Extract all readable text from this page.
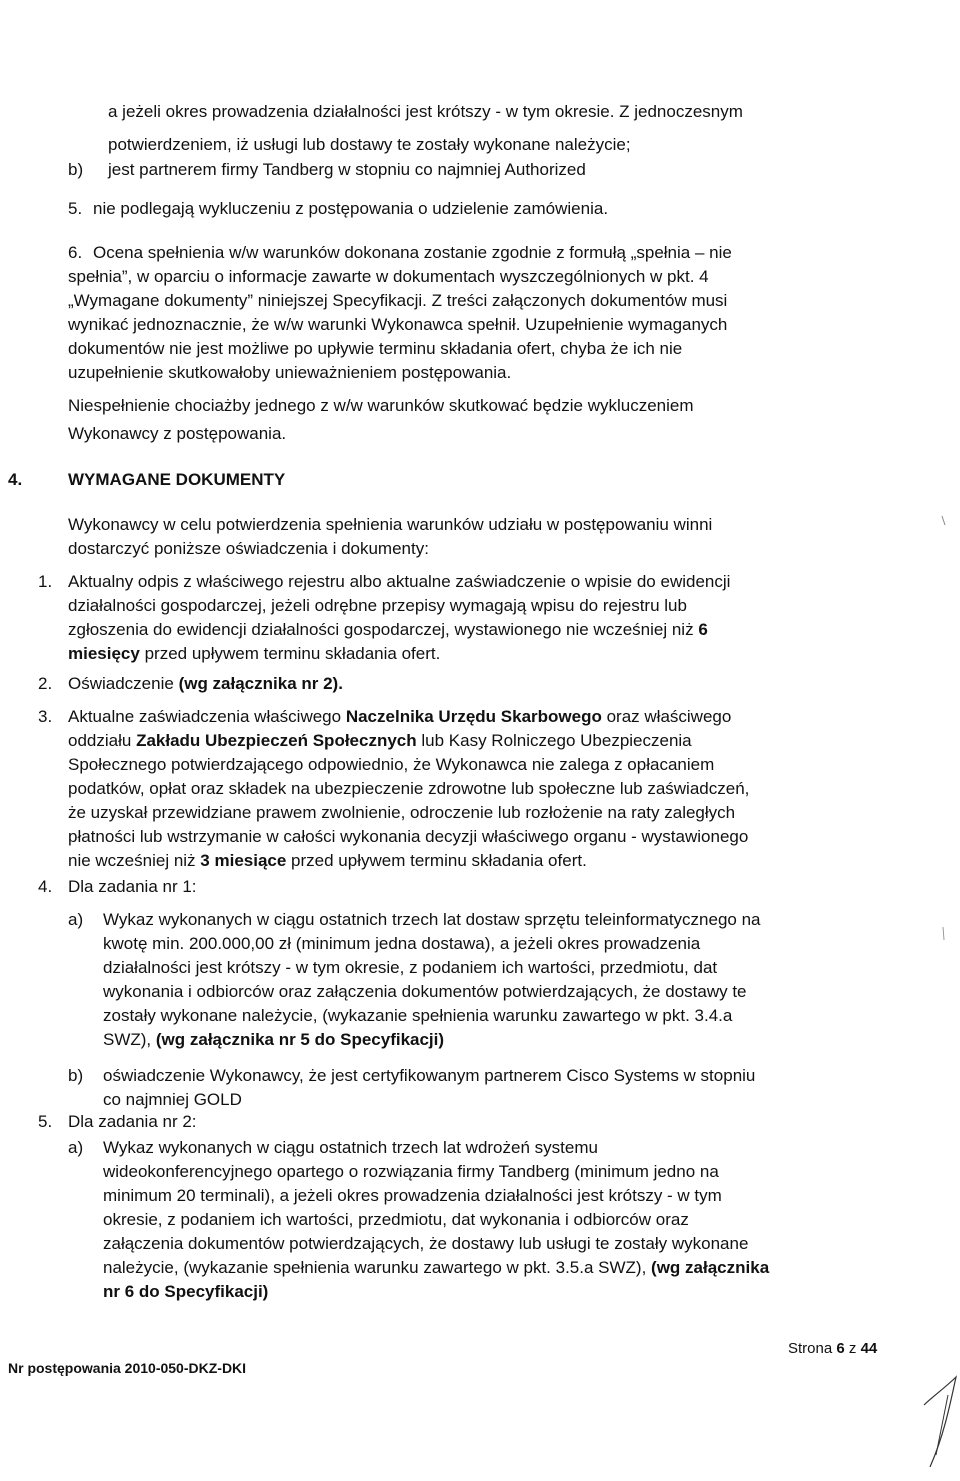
a jeżeli okres prowadzenia działalności jest krótszy - w tym okresie. Z jednoczesnym
potwierdzeniem, iż usługi lub dostawy te zostały wykonane należycie;
b) jest partnerem firmy Tandberg w stopniu co najmniej Authorized
5. nie podlegają wykluczeniu z postępowania o udzielenie zamówienia.
6. Ocena spełnienia w/w warunków dokonana zostanie zgodnie z formułą „spełnia – nie
spełnia”, w oparciu o informacje zawarte w dokumentach wyszczególnionych w pkt. 4
„Wymagane dokumenty” niniejszej Specyfikacji. Z treści załączonych dokumentów musi
wynikać jednoznacznie, że w/w warunki Wykonawca spełnił. Uzupełnienie wymaganych
dokumentów nie jest możliwe po upływie terminu składania ofert, chyba że ich nie
uzupełnienie skutkowałoby unieważnieniem postępowania.
Niespełnienie chociażby jednego z w/w warunków skutkować będzie wykluczeniem
Wykonawcy z postępowania.
4.	WYMAGANE DOKUMENTY
Wykonawcy w celu potwierdzenia spełnienia warunków udziału w postępowaniu winni
dostarczyć poniższe oświadczenia i dokumenty:
1. Aktualny odpis z właściwego rejestru albo aktualne zaświadczenie o wpisie do ewidencji
działalności gospodarczej, jeżeli odrębne przepisy wymagają wpisu do rejestru lub
zgłoszenia do ewidencji działalności gospodarczej, wystawionego nie wcześniej niż 6
miesięcy przed upływem terminu składania ofert.
2. Oświadczenie (wg załącznika nr 2).
3. Aktualne zaświadczenia właściwego Naczelnika Urzędu Skarbowego oraz właściwego
oddziału Zakładu Ubezpieczeń Społecznych lub Kasy Rolniczego Ubezpieczenia
Społecznego potwierdzającego odpowiednio, że Wykonawca nie zalega z opłacaniem
podatków, opłat oraz składek na ubezpieczenie zdrowotne lub społeczne lub zaświadczeń,
że uzyskał przewidziane prawem zwolnienie, odroczenie lub rozłożenie na raty zaległych
płatności lub wstrzymanie w całości wykonania decyzji właściwego organu - wystawionego
nie wcześniej niż 3 miesiące przed upływem terminu składania ofert.
4. Dla zadania nr 1:
a) Wykaz wykonanych w ciągu ostatnich trzech lat dostaw sprzętu teleinformatycznego na
kwotę min. 200.000,00 zł (minimum jedna dostawa), a jeżeli okres prowadzenia
działalności jest krótszy - w tym okresie, z podaniem ich wartości, przedmiotu, dat
wykonania i odbiorców oraz załączenia dokumentów potwierdzających, że dostawy te
zostały wykonane należycie, (wykazanie spełnienia warunku zawartego w pkt. 3.4.a
SWZ), (wg załącznika nr 5 do Specyfikacji)
b) oświadczenie Wykonawcy, że jest certyfikowanym partnerem Cisco Systems w stopniu
co najmniej GOLD
5. Dla zadania nr 2:
a) Wykaz wykonanych w ciągu ostatnich trzech lat wdrożeń systemu
wideokonferencyjnego opartego o rozwiązania firmy Tandberg (minimum jedno na
minimum 20 terminali), a jeżeli okres prowadzenia działalności jest krótszy - w tym
okresie, z podaniem ich wartości, przedmiotu, dat wykonania i odbiorców oraz
załączenia dokumentów potwierdzających, że dostawy lub usługi te zostały wykonane
należycie, (wykazanie spełnienia warunku zawartego w pkt. 3.5.a SWZ), (wg załącznika
nr 6 do Specyfikacji)
Nr postępowania 2010-050-DKZ-DKI
Strona 6 z 44
